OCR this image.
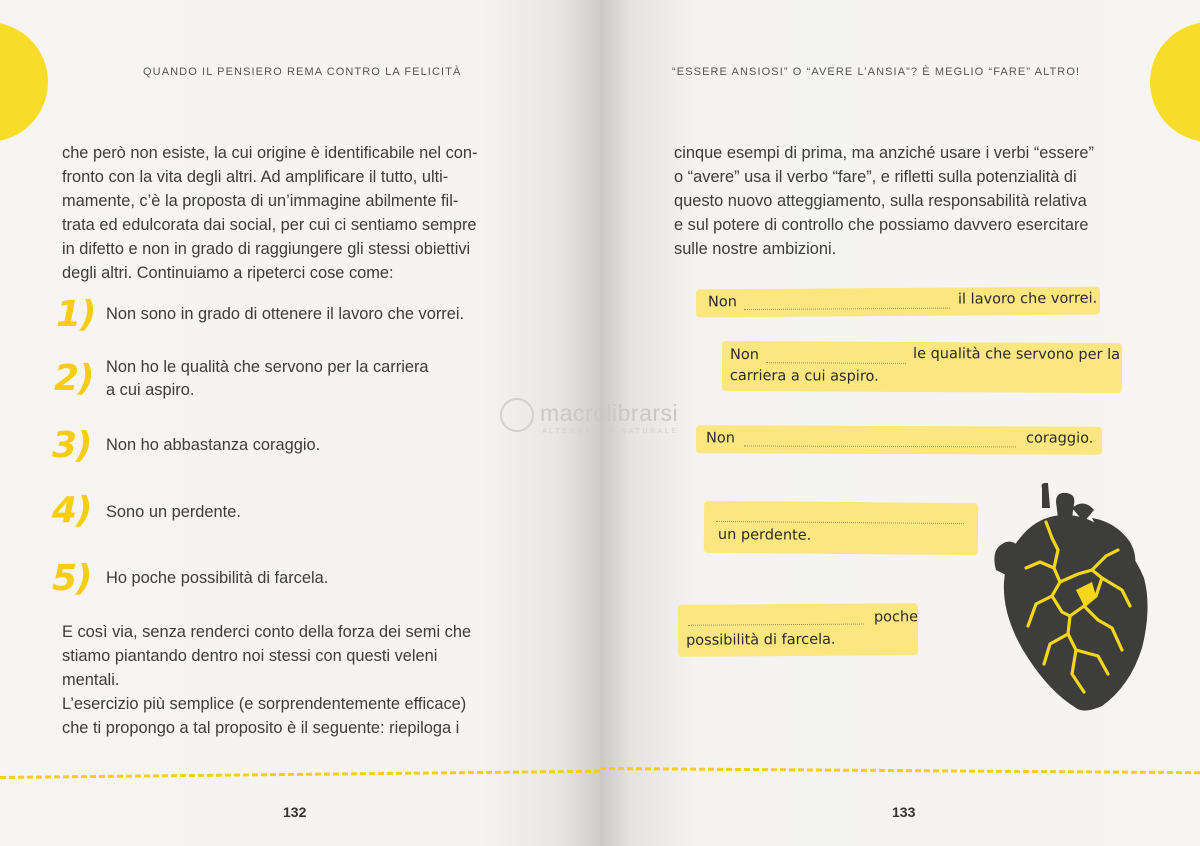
QUANDO IL PENSIERO REMA CONTRO LA FELICITÀ

che però non esiste, la cui origine è identificabile nel con-

fronto con la vita degli altri. Ad amplificare il tutto, ulti-

mamente, c’è la proposta di un’immagine abilmente fil-

trata ed edulcorata dai social, per cui ci sentiamo sempre

in difetto e non in grado di raggiungere gli stessi obiettivi

degli altri. Continuiamo a ripeterci cose come:

1) Non sono in grado di ottenere il lavoro che vorrei.
2) Non ho le qualità che servono per la carriera
a cui aspiro.
3) Non ho abbastanza coraggio.
4) Sono un perdente.
5) Ho poche possibilità di farcela.

E così via, senza renderci conto della forza dei semi che

stiamo piantando dentro noi stessi con questi veleni

mentali.

L’esercizio più semplice (e sorprendentemente efficace)

che ti propongo a tal proposito è il seguente: riepiloga i

132
“ESSERE ANSIOSI” O “AVERE L’ANSIA”? È MEGLIO “FARE” ALTRO!

cinque esempi di prima, ma anziché usare i verbi “essere”

o “avere” usa il verbo “fare”, e rifletti sulla potenzialità di

questo nuovo atteggiamento, sulla responsabilità relativa

e sul potere di controllo che possiamo davvero esercitare

sulle nostre ambizioni.

Non	il lavoro che vorrei.
Non	le qualità che servono per la
carriera a cui aspiro.
Non	coraggio.
un perdente.
poche
possibilità di farcela.
133
macrolibrarsi
ALTERNATIVA NATURALE
